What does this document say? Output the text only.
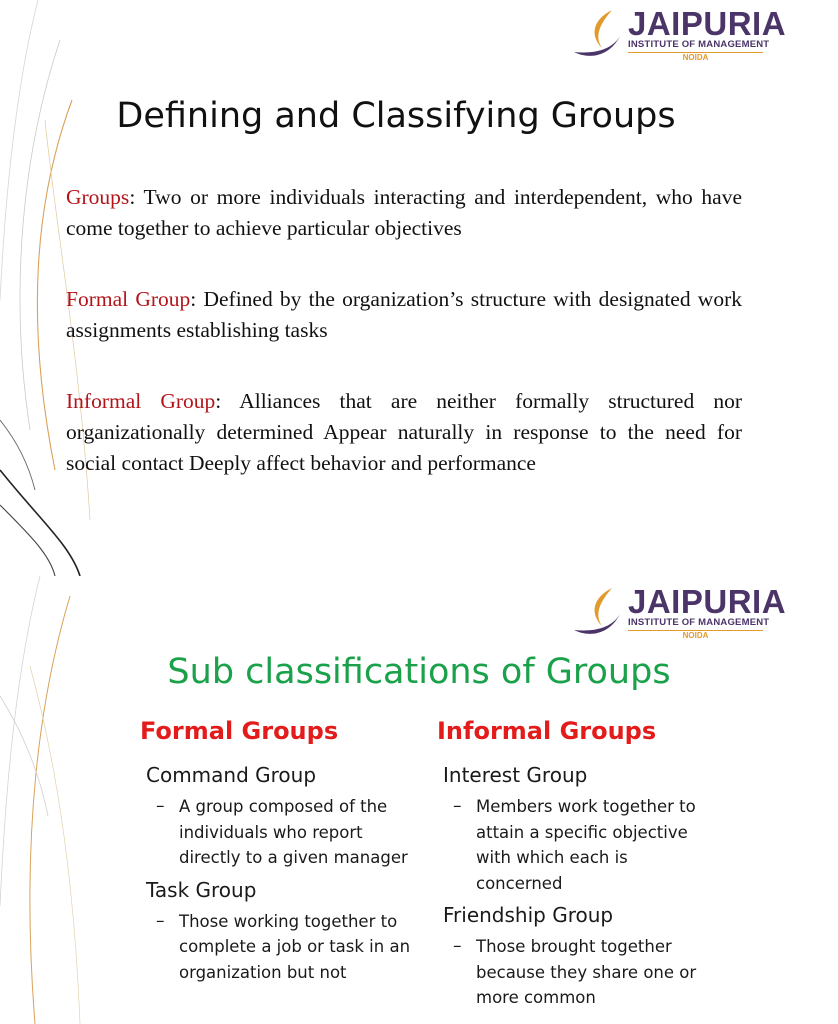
JAIPURIA
INSTITUTE OF MANAGEMENT
NOIDA
Defining and Classifying Groups

Groups: Two or more individuals interacting and interdependent, who have come together to achieve particular objectives

Formal Group: Defined by the organization’s structure with designated work assignments establishing tasks

Informal Group: Alliances that are neither formally structured nor organizationally determined Appear naturally in response to the need for social contact Deeply affect behavior and performance

JAIPURIA
INSTITUTE OF MANAGEMENT
NOIDA
Sub classifications of Groups
Formal Groups
Command Group
– A group composed of the individuals who report directly to a given manager
Task Group
– Those working together to complete a job or task in an organization but not
Informal Groups
Interest Group
– Members work together to attain a specific objective with which each is concerned
Friendship Group
– Those brought together because they share one or more common
